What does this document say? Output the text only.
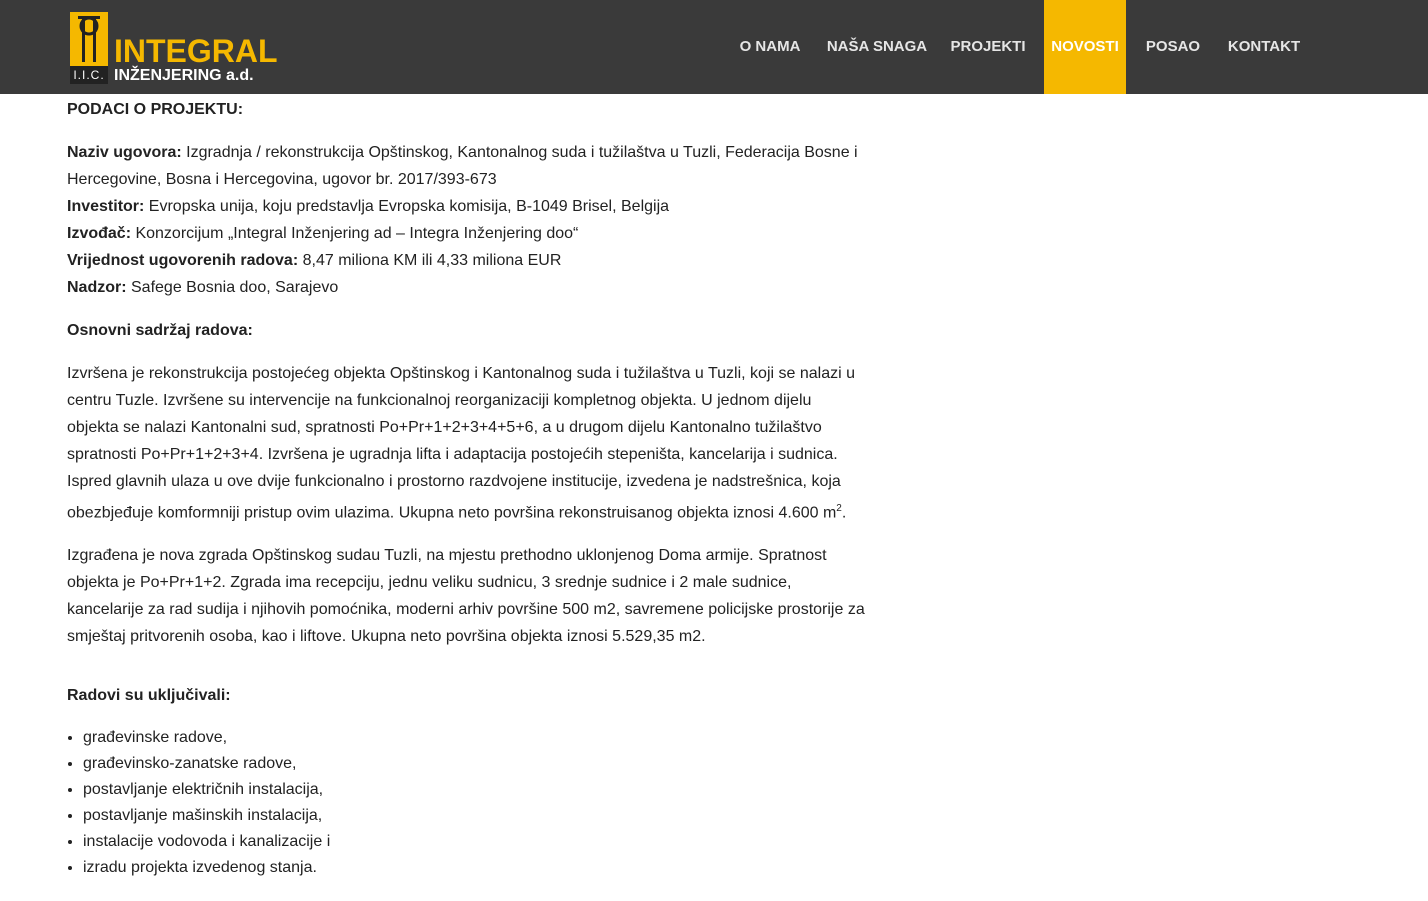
I.I.C.
INTEGRAL
INŽENJERING a.d.
O NAMA	NAŠA SNAGA	PROJEKTI	NOVOSTI	POSAO	KONTAKT

PODACI O PROJEKTU:

Naziv ugovora: Izgradnja / rekonstrukcija Opštinskog, Kantonalnog suda i tužilaštva u Tuzli, Federacija Bosne i Hercegovine, Bosna i Hercegovina, ugovor br. 2017/393-673

Investitor: Evropska unija, koju predstavlja Evropska komisija, B-1049 Brisel, Belgija

Izvođač: Konzorcijum „Integral Inženjering ad – Integra Inženjering doo“

Vrijednost ugovorenih radova: 8,47 miliona KM ili 4,33 miliona EUR

Nadzor: Safege Bosnia doo, Sarajevo

Osnovni sadržaj radova:

Izvršena je rekonstrukcija postojećeg objekta Opštinskog i Kantonalnog suda i tužilaštva u Tuzli, koji se nalazi u centru Tuzle. Izvršene su intervencije na funkcionalnoj reorganizaciji kompletnog objekta. U jednom dijelu objekta se nalazi Kantonalni sud, spratnosti Po+Pr+1+2+3+4+5+6, a u drugom dijelu Kantonalno tužilaštvo spratnosti Po+Pr+1+2+3+4. Izvršena je ugradnja lifta i adaptacija postojećih stepeništa, kancelarija i sudnica. Ispred glavnih ulaza u ove dvije funkcionalno i prostorno razdvojene institucije, izvedena je nadstrešnica, koja obezbjeđuje komformniji pristup ovim ulazima. Ukupna neto površina rekonstruisanog objekta iznosi 4.600 $m^2$.

Izgrađena je nova zgrada Opštinskog sudau Tuzli, na mjestu prethodno uklonjenog Doma armije. Spratnost objekta je Po+Pr+1+2. Zgrada ima recepciju, jednu veliku sudnicu, 3 srednje sudnice i 2 male sudnice, kancelarije za rad sudija i njihovih pomoćnika, moderni arhiv površine 500 m2, savremene policijske prostorije za smještaj pritvorenih osoba, kao i liftove. Ukupna neto površina objekta iznosi 5.529,35 m2.

Radovi su uključivali:

• građevinske radove,
• građevinsko-zanatske radove,
• postavljanje električnih instalacija,
• postavljanje mašinskih instalacija,
• instalacije vodovoda i kanalizacije i
• izradu projekta izvedenog stanja.
